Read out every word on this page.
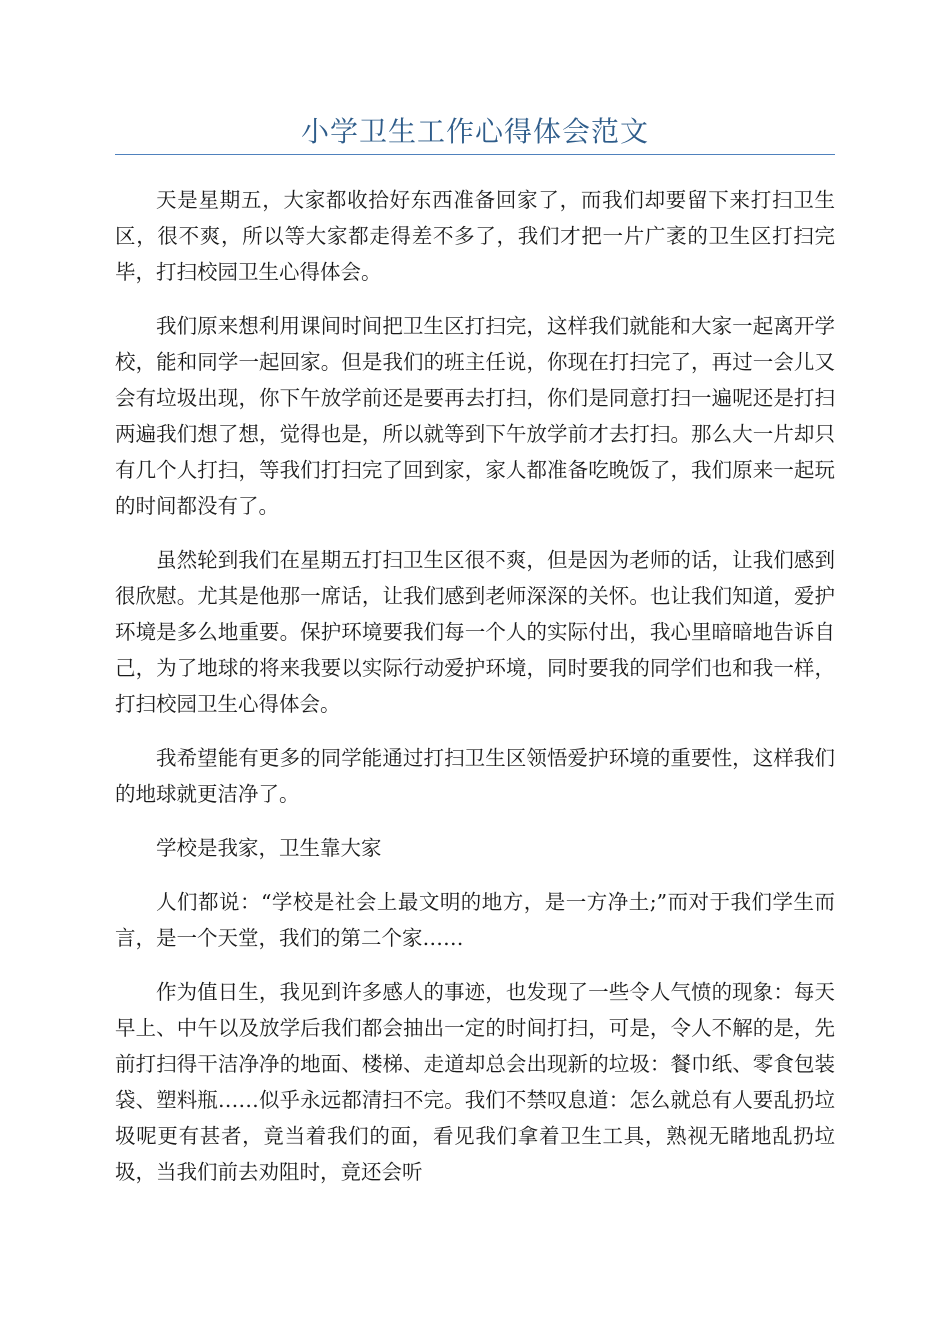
小学卫生工作心得体会范文

天是星期五，大家都收拾好东西准备回家了，而我们却要留下来打扫卫生区，很不爽，所以等大家都走得差不多了，我们才把一片广袤的卫生区打扫完毕，打扫校园卫生心得体会。

我们原来想利用课间时间把卫生区打扫完，这样我们就能和大家一起离开学校，能和同学一起回家。但是我们的班主任说，你现在打扫完了，再过一会儿又会有垃圾出现，你下午放学前还是要再去打扫，你们是同意打扫一遍呢还是打扫两遍我们想了想，觉得也是，所以就等到下午放学前才去打扫。那么大一片却只有几个人打扫，等我们打扫完了回到家，家人都准备吃晚饭了，我们原来一起玩的时间都没有了。

虽然轮到我们在星期五打扫卫生区很不爽，但是因为老师的话，让我们感到很欣慰。尤其是他那一席话，让我们感到老师深深的关怀。也让我们知道，爱护环境是多么地重要。保护环境要我们每一个人的实际付出，我心里暗暗地告诉自己，为了地球的将来我要以实际行动爱护环境，同时要我的同学们也和我一样，打扫校园卫生心得体会。

我希望能有更多的同学能通过打扫卫生区领悟爱护环境的重要性，这样我们的地球就更洁净了。

学校是我家，卫生靠大家

人们都说：“学校是社会上最文明的地方，是一方净土;”而对于我们学生而言，是一个天堂，我们的第二个家……

作为值日生，我见到许多感人的事迹，也发现了一些令人气愤的现象：每天早上、中午以及放学后我们都会抽出一定的时间打扫，可是，令人不解的是，先前打扫得干洁净净的地面、楼梯、走道却总会出现新的垃圾：餐巾纸、零食包装袋、塑料瓶……似乎永远都清扫不完。我们不禁叹息道：怎么就总有人要乱扔垃圾呢更有甚者，竟当着我们的面，看见我们拿着卫生工具，熟视无睹地乱扔垃圾，当我们前去劝阻时，竟还会听
